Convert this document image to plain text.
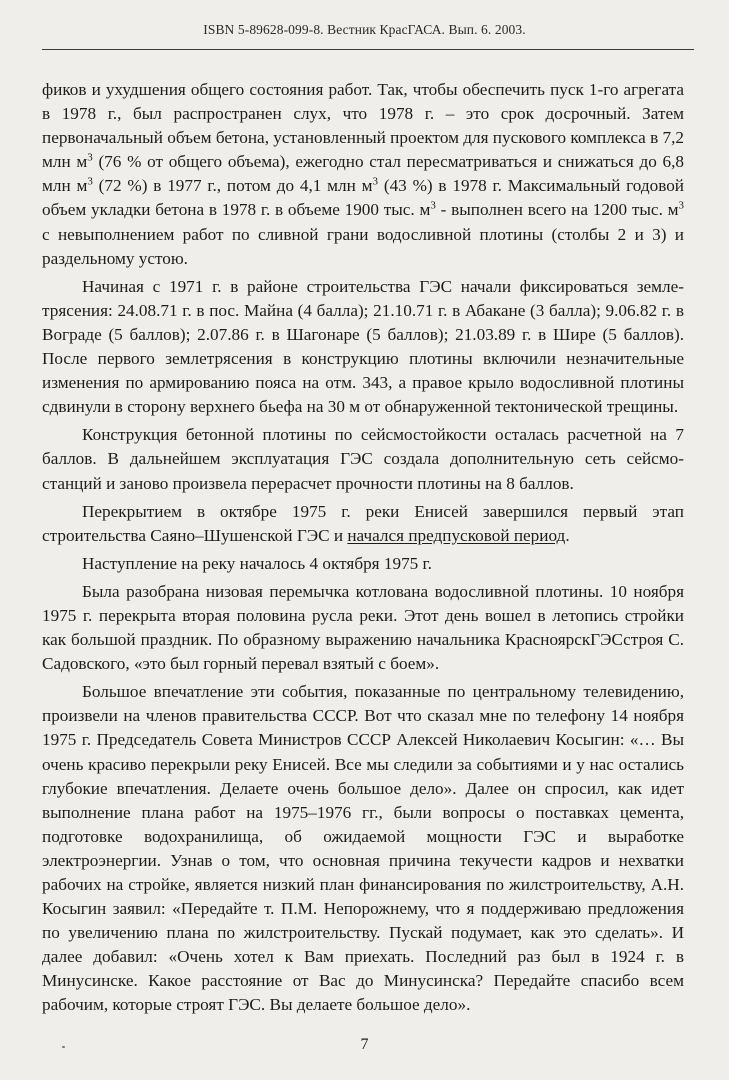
ISBN 5-89628-099-8. Вестник КрасГАСА. Вып. 6. 2003.

фиков и ухудшения общего состояния работ. Так, чтобы обеспечить пуск 1-го агрегата в 1978 г., был распространен слух, что 1978 г. – это срок досрочный. Затем первоначальный объем бетона, установленный проектом для пускового комплекса в 7,2 млн $м^3$ (76 % от общего объема), ежегодно стал пересматриваться и снижаться до 6,8 млн $м^3$ (72 %) в 1977 г., потом до 4,1 млн $м^3$ (43 %) в 1978 г. Максимальный годовой объем укладки бетона в 1978 г. в объеме 1900 тыс. $м^3$ - выполнен всего на 1200 тыс. $м^3$ с невыполнением работ по сливной грани водосливной плотины (столбы 2 и 3) и раздельному устою.

Начиная с 1971 г. в районе строительства ГЭС начали фиксироваться землетрясения: 24.08.71 г. в пос. Майна (4 балла); 21.10.71 г. в Абакане (3 балла); 9.06.82 г. в Bограде (5 баллов); 2.07.86 г. в Шагонаре (5 баллов); 21.03.89 г. в Шире (5 баллов). После первого землетрясения в конструкцию плотины включили незначительные изменения по армированию пояса на отм. 343, а правое крыло водосливной плотины сдвинули в сторону верхнего бьефа на 30 м от обнаруженной тектонической трещины.

Конструкция бетонной плотины по сейсмостойкости осталась расчетной на 7 баллов. В дальнейшем эксплуатация ГЭС создала дополнительную сеть сейсмостанций и заново произвела перерасчет прочности плотины на 8 баллов.

Перекрытием в октябре 1975 г. реки Енисей завершился первый этап строительства Саяно–Шушенской ГЭС и начался предпусковой период.

Наступление на реку началось 4 октября 1975 г.

Была разобрана низовая перемычка котлована водосливной плотины. 10 ноября 1975 г. перекрыта вторая половина русла реки. Этот день вошел в летопись стройки как большой праздник. По образному выражению начальника КрасноярскГЭСстроя С. Садовского, «это был горный перевал взятый с боем».

Большое впечатление эти события, показанные по центральному телевидению, произвели на членов правительства СССР. Вот что сказал мне по телефону 14 ноября 1975 г. Председатель Совета Министров СССР Алексей Николаевич Косыгин: «… Вы очень красиво перекрыли реку Енисей. Все мы следили за событиями и у нас остались глубокие впечатления. Делаете очень большое дело». Далее он спросил, как идет выполнение плана работ на 1975–1976 гг., были вопросы о поставках цемента, подготовке водохранилища, об ожидаемой мощности ГЭС и выработке электроэнергии. Узнав о том, что основная причина текучести кадров и нехватки рабочих на стройке, является низкий план финансирования по жилстроительству, А.Н. Косыгин заявил: «Передайте т. П.М. Непорожнему, что я поддерживаю предложения по увеличению плана по жилстроительству. Пускай подумает, как это сделать». И далее добавил: «Очень хотел к Вам приехать. Последний раз был в 1924 г. в Минусинске. Какое расстояние от Вас до Минусинска? Передайте спасибо всем рабочим, которые строят ГЭС. Вы делаете большое дело».

7
